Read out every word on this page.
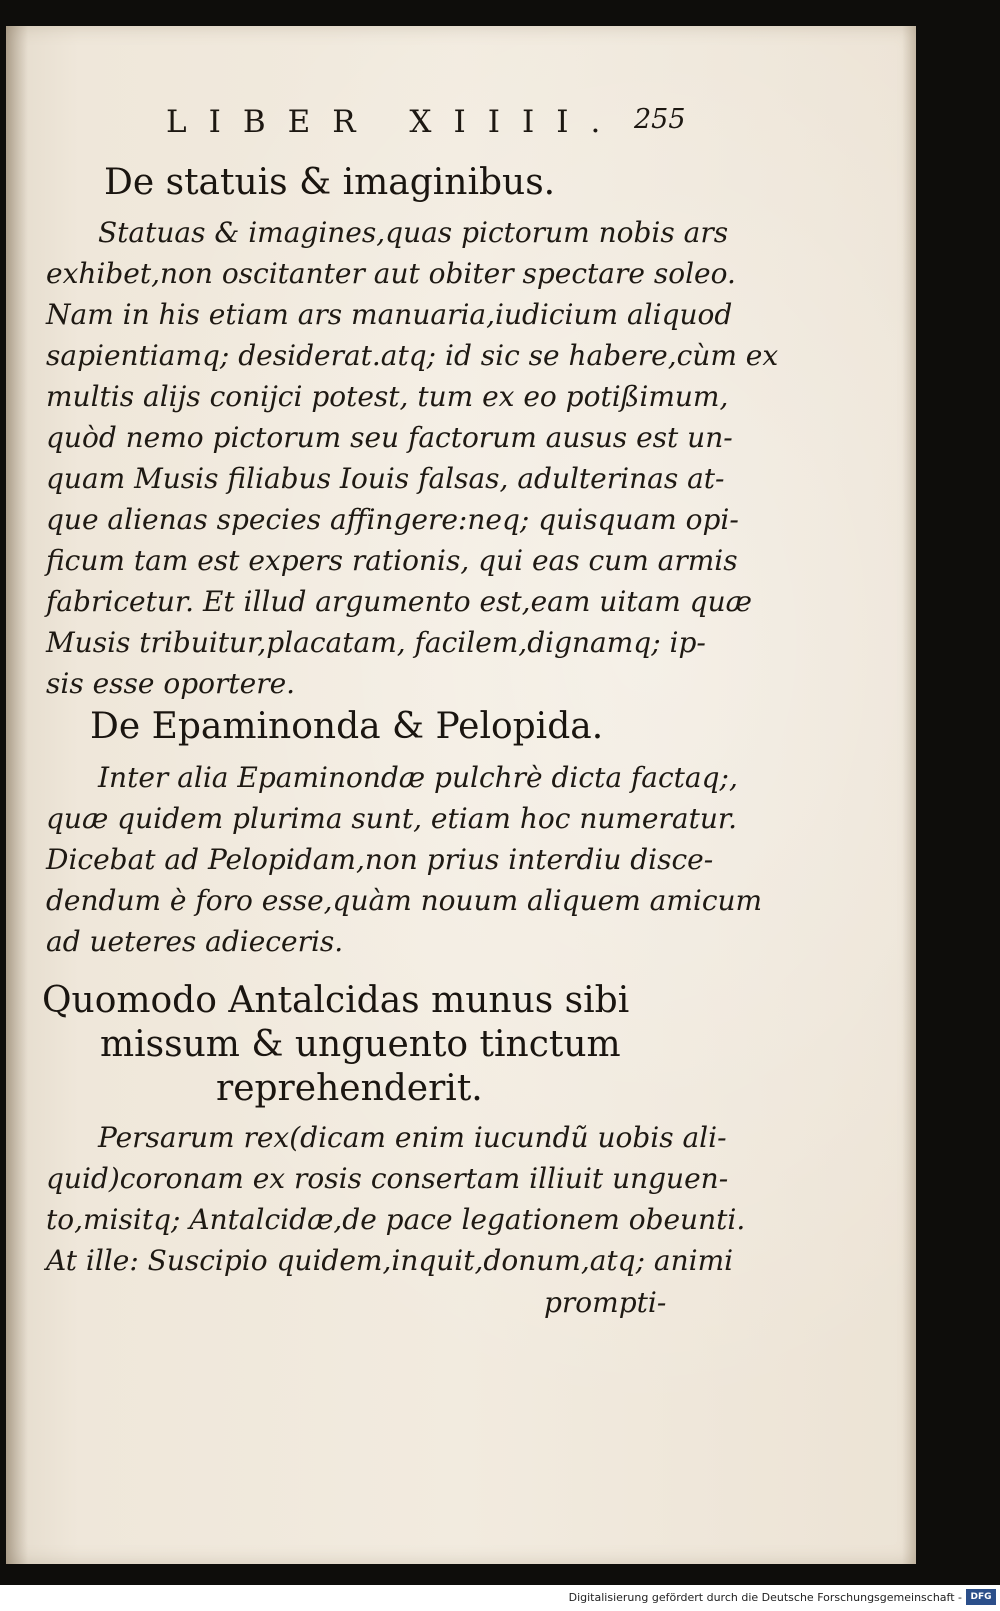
LIBER XIIII. 255
De statuis & imaginibus.
Statuas & imagines,quas pictorum nobis ars
exhibet,non oscitanter aut obiter spectare soleo.
Nam in his etiam ars manuaria,iudicium aliquod
sapientiamq; desiderat.atq; id sic se habere,cùm ex
multis alijs conijci potest, tum ex eo potißimum,
quòd nemo pictorum seu factorum ausus est un-
quam Musis filiabus Iouis falsas, adulterinas at-
que alienas species affingere:neq; quisquam opi-
ficum tam est expers rationis, qui eas cum armis
fabricetur. Et illud argumento est,eam uitam quæ
Musis tribuitur,placatam, facilem,dignamq; ip-
sis esse oportere.
De Epaminonda & Pelopida.
Inter alia Epaminondæ pulchrè dicta factaq;,
quæ quidem plurima sunt, etiam hoc numeratur.
Dicebat ad Pelopidam,non prius interdiu disce-
dendum è foro esse,quàm nouum aliquem amicum
ad ueteres adieceris.
Quomodo Antalcidas munus sibi
missum & unguento tinctum
reprehenderit.
Persarum rex(dicam enim iucundũ uobis ali-
quid)coronam ex rosis consertam illiuit unguen-
to,misitq; Antalcidæ,de pace legationem obeunti.
At ille: Suscipio quidem,inquit,donum,atq; animi
prompti-
Digitalisierung gefördert durch die Deutsche Forschungsgemeinschaft - DFG
